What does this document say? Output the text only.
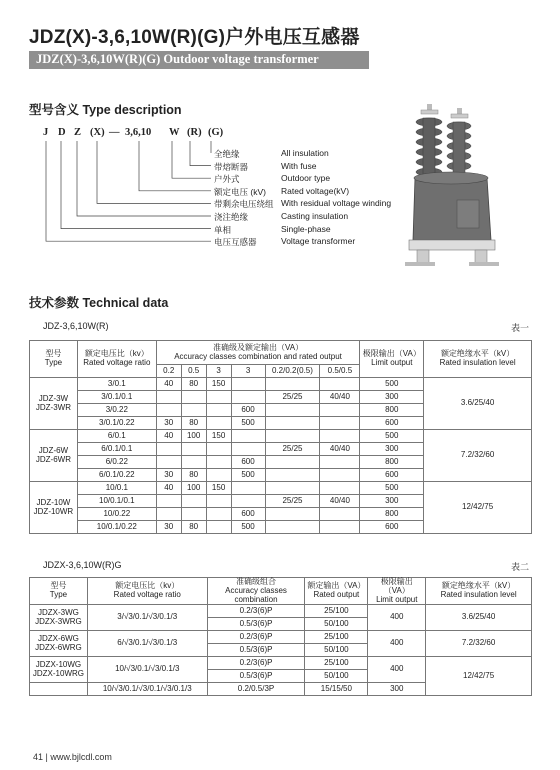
JDZ(X)-3,6,10W(R)(G)户外电压互感器
JDZ(X)-3,6,10W(R)(G) Outdoor voltage transformer
型号含义 Type description
J D Z (X) — 3,6,10 W (R) (G)
全绝缘	All insulation
带熔断器	With fuse
户外式	Outdoor type
额定电压 (kV) Rated voltage(kV)
带剩余电压绕组 With residual voltage winding
浇注绝缘	Casting insulation
单相	Single-phase
电压互感器	Voltage transformer
技术参数 Technical data
JDZ-3,6,10W(R)	表一
型号
Type	额定电压比（kv）
Rated voltage ratio	准确级及额定输出（VA）
Accuracy classes combination and rated output						极限输出（VA）
Limit output	额定绝缘水平（kV）
Rated insulation level
		0.2	0.5	3	3	0.2/0.2(0.5)	0.5/0.5		
JDZ-3W
JDZ-3WR	3/0.1	40	80	150				500	3.6/25/40
	3/0.1/0.1					25/25	40/40	300	
	3/0.22				600			800	
	3/0.1/0.22	30	80		500			600	
JDZ-6W
JDZ-6WR	6/0.1	40	100	150				500	7.2/32/60
	6/0.1/0.1					25/25	40/40	300	
	6/0.22				600			800	
	6/0.1/0.22	30	80		500			600	
JDZ-10W
JDZ-10WR	10/0.1	40	100	150				500	12/42/75
	10/0.1/0.1					25/25	40/40	300	
	10/0.22				600			800	
	10/0.1/0.22	30	80		500			600	
JDZX-3,6,10W(R)G	表二
型号
Type	额定电压比（kv）
Rated voltage ratio	准确级组合
Accuracy classes combination	额定输出（VA）
Rated output	极限输出（VA）
Limit output	额定绝缘水平（kV）
Rated insulation level
JDZX-3WG
JDZX-3WRG	3/√3/0.1/√3/0.1/3	0.2/3(6)P	25/100	400	3.6/25/40
		0.5/3(6)P	50/100		
JDZX-6WG
JDZX-6WRG	6/√3/0.1/√3/0.1/3	0.2/3(6)P	25/100	400	7.2/32/60
		0.5/3(6)P	50/100		
JDZX-10WG
JDZX-10WRG	10/√3/0.1/√3/0.1/3	0.2/3(6)P	25/100	400	12/42/75
		0.5/3(6)P	50/100		
	10/√3/0.1/√3/0.1/√3/0.1/3	0.2/0.5/3P	15/15/50	300	
41 | www.bjlcdl.com
